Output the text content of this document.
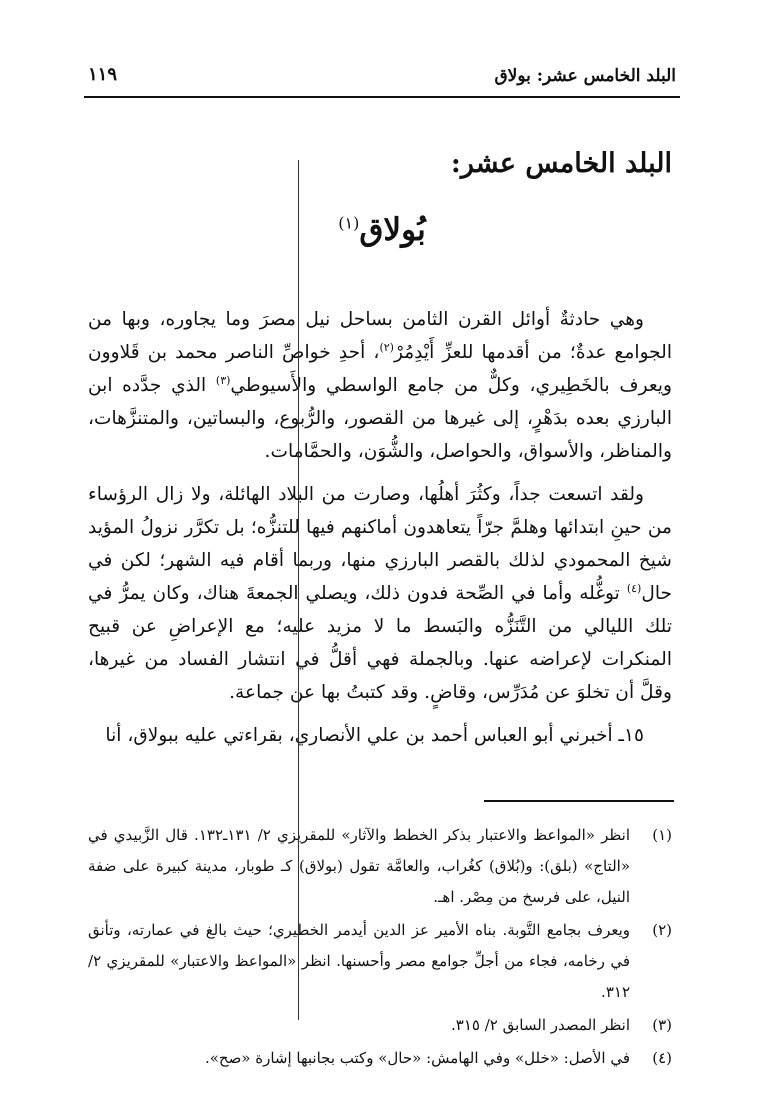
البلد الخامس عشر: بولاق
١١٩
البلد الخامس عشر:
بُولاق$^{(١)}$

وهي حادثةٌ أوائل القرن الثامن بساحل نيل مصرَ وما يجاوره، وبها من الجوامع عدةٌ؛ من أقدمها للعزِّ أَيْدِمُرْ$^{(٢)}$، أحدِ خواصِّ الناصر محمد بن قَلاوون ويعرف بالخَطِيري، وكلٌّ من جامع الواسطي والأَسيوطي$^{(٣)}$ الذي جدَّده ابن البارزي بعده بدَهْرٍ، إلى غيرها من القصور، والرُّبوع، والبساتين، والمتنزَّهات، والمناظر، والأسواق، والحواصل، والشُّوَن، والحمَّامات.

ولقد اتسعت جداً، وكثُرَ أهلُها، وصارت من البلاد الهائلة، ولا زال الرؤساء من حينِ ابتدائها وهلمَّ جرّاً يتعاهدون أماكنهم فيها للتنزُّه؛ بل تكرَّر نزولُ المؤيد شيخ المحمودي لذلك بالقصر البارزي منها، وربما أقام فيه الشهر؛ لكن في حال$^{(٤)}$ توغُّله وأما في الصِّحة فدون ذلك، ويصلي الجمعةَ هناك، وكان يمرُّ في تلك الليالي من التَّنَزُّه والبَسط ما لا مزيد عليه؛ مع الإعراضِ عن قبيح المنكرات لإعراضه عنها. وبالجملة فهي أقلُّ في انتشار الفساد من غيرها، وقلَّ أن تخلوَ عن مُدَرِّس، وقاضٍ. وقد كتبتُ بها عن جماعة.

١٥ـ أخبرني أبو العباس أحمد بن علي الأنصاري، بقراءتي عليه ببولاق، أنا

(١)
انظر «المواعظ والاعتبار بذكر الخطط والآثار» للمقريزي ٢/ ١٣١ـ١٣٢. قال الزَّبيدي في «التاج» (بلق): و(بُلاق) كغُراب، والعامَّة تقول (بولاق) كـ طوبار، مدينة كبيرة على ضفة النيل، على فرسخ من مِصْر. اهـ.
(٢)
ويعرف بجامع التَّوبة. بناه الأمير عز الدين أيدمر الخطيري؛ حيث بالغ في عمارته، وتأنق في رخامه، فجاء من أجلِّ جوامع مصر وأحسنها. انظر «المواعظ والاعتبار» للمقريزي ٢/ ٣١٢.
(٣)
انظر المصدر السابق ٢/ ٣١٥.
(٤)
في الأصل: «خلل» وفي الهامش: «حال» وكتب بجانبها إشارة «صح».
